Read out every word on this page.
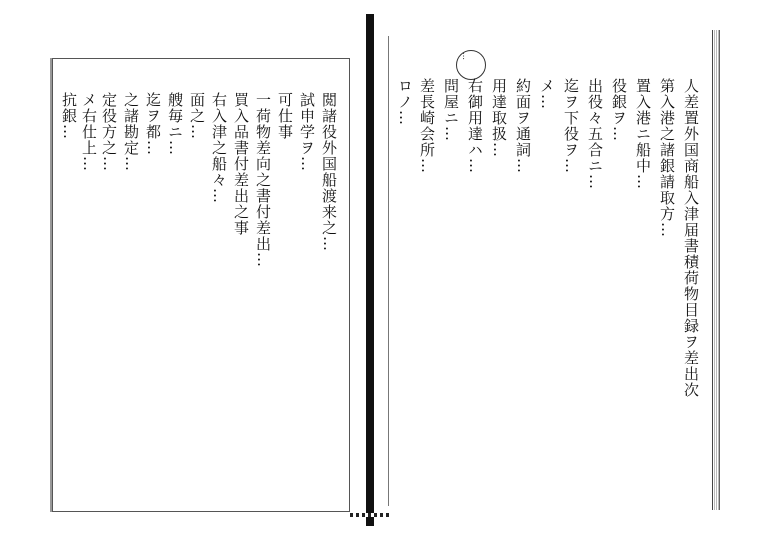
…
人差置外国商船入津届書積荷物目録ヲ差出次
第入港之諸銀請取方…
置入港ニ船中…
役銀ヲ…
出役々五合ニ…
迄ヲ下役ヲ…
メ…
約面ヲ通詞…
用達取扱…
右御用達ハ…
問屋ニ…
差長崎会所…
ロノ…
閲諸役外国船渡来之…
試申学ヲ…
可仕事
一荷物差向之書付差出…
買入品書付差出之事
右入津之船々…
面之…
艘毎ニ…
迄ヲ都…
之諸勘定…
定役方之…
メ右仕上…
抗銀…
